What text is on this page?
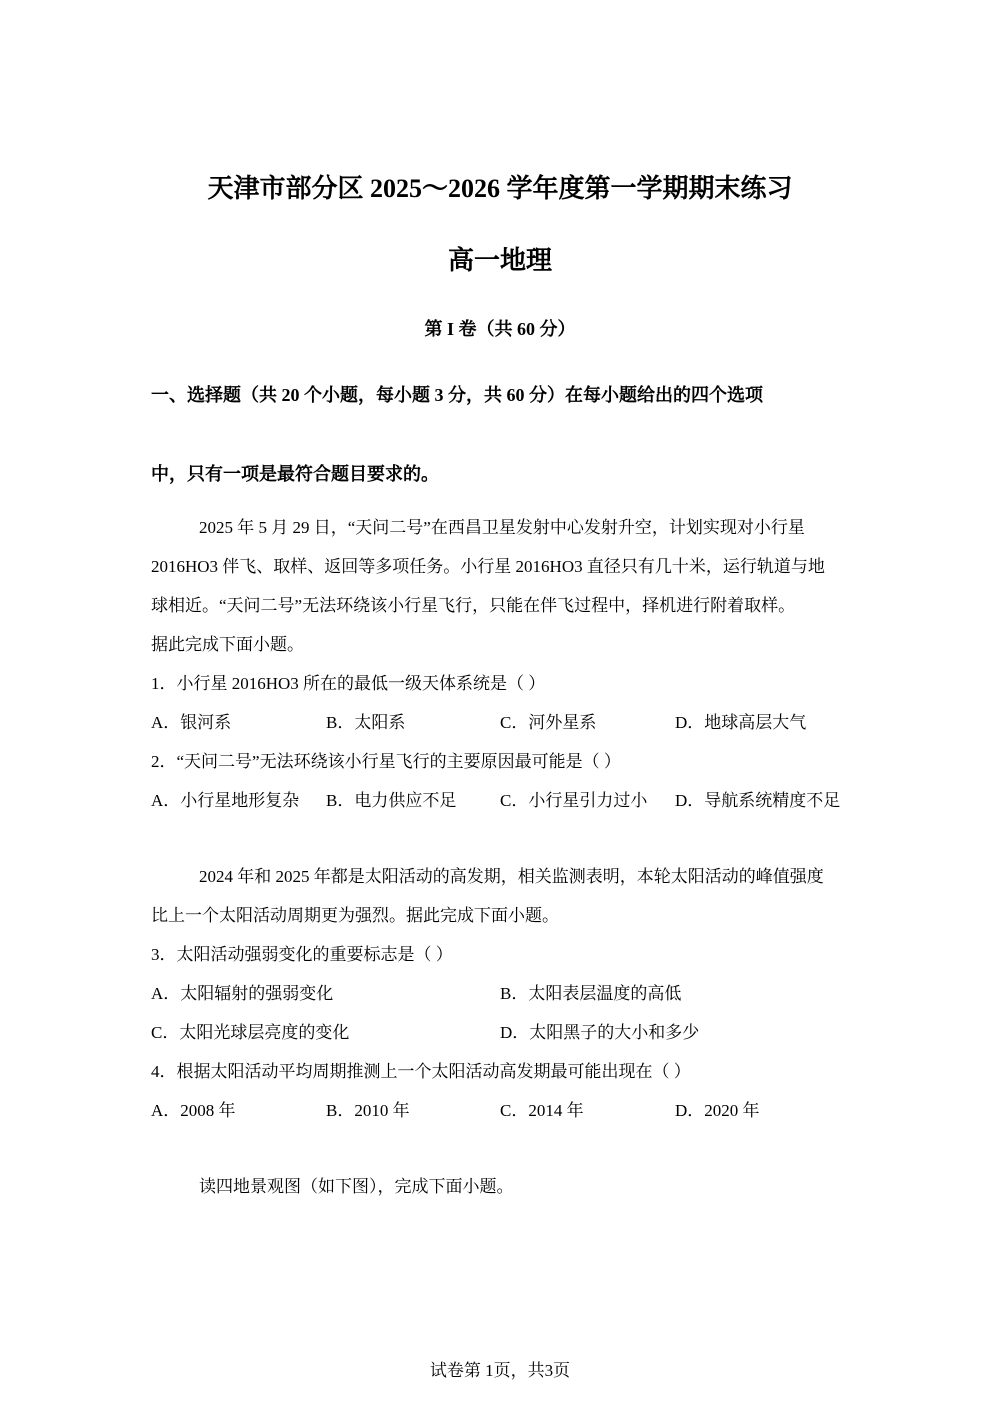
天津市部分区 2025～2026 学年度第一学期期末练习
高一地理
第 I 卷（共 60 分）
一、选择题（共 20 个小题，每小题 3 分，共 60 分）在每小题给出的四个选项
中，只有一项是最符合题目要求的。
2025 年 5 月 29 日，“天问二号”在西昌卫星发射中心发射升空，计划实现对小行星
2016HO3 伴飞、取样、返回等多项任务。小行星 2016HO3 直径只有几十米，运行轨道与地
球相近。“天问二号”无法环绕该小行星飞行，只能在伴飞过程中，择机进行附着取样。
据此完成下面小题。
1．小行星 2016HO3 所在的最低一级天体系统是（ ）
A．银河系	B．太阳系	C．河外星系	D．地球高层大气
2．“天问二号”无法环绕该小行星飞行的主要原因最可能是（ ）
A．小行星地形复杂 B．电力供应不足	C．小行星引力过小 D．导航系统精度不足
2024 年和 2025 年都是太阳活动的高发期，相关监测表明，本轮太阳活动的峰值强度
比上一个太阳活动周期更为强烈。据此完成下面小题。
3．太阳活动强弱变化的重要标志是（ ）
A．太阳辐射的强弱变化	B．太阳表层温度的高低
C．太阳光球层亮度的变化	D．太阳黑子的大小和多少
4．根据太阳活动平均周期推测上一个太阳活动高发期最可能出现在（ ）
A．2008 年	B．2010 年	C．2014 年	D．2020 年
读四地景观图（如下图），完成下面小题。
试卷第 1页，共3页
